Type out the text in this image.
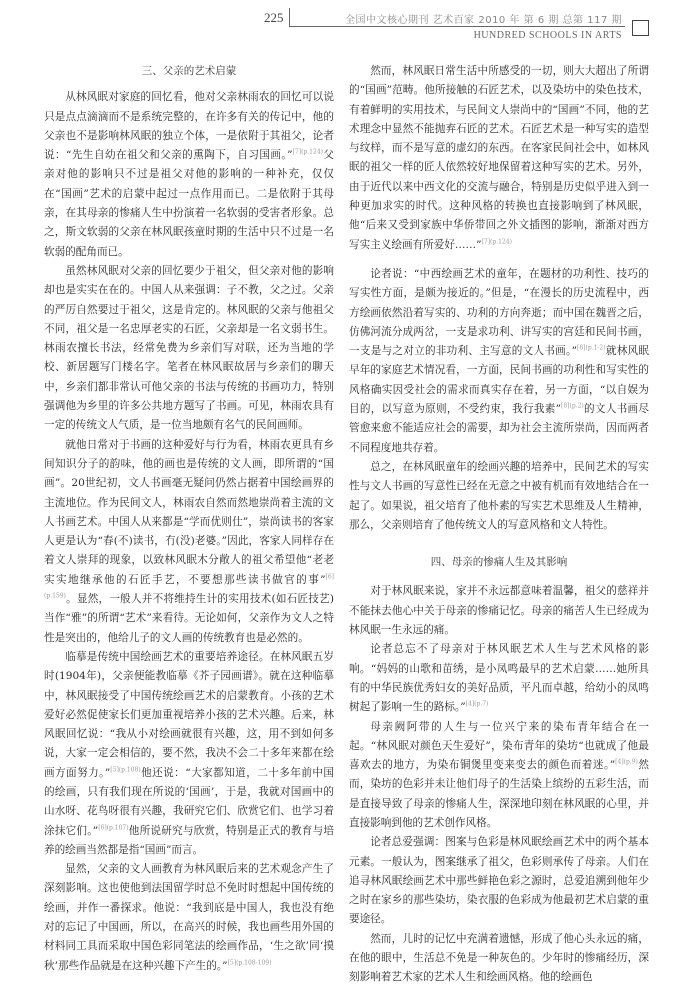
225	全国中文核心期刊 艺术百家 2010 年 第 6 期 总第 117 期
HUNDRED SCHOOLS IN ARTS
三、父亲的艺术启蒙

从林风眠对家庭的回忆看，他对父亲林雨农的回忆可以说只是点点滴滴而不是系统完整的，在许多有关的传记中，他的父亲也不是影响林风眠的独立个体，一是依附于其祖父，论者说：“先生自幼在祖父和父亲的熏陶下，自习国画。”$^{[7](p.124)}$父亲对他的影响只不过是祖父对他的影响的一种补充，仅仅在“国画”艺术的启蒙中起过一点作用而已。二是依附于其母亲，在其母亲的惨痛人生中扮演着一名软弱的受害者形象。总之，斯文软弱的父亲在林风眠孩童时期的生活中只不过是一名软弱的配角而已。

虽然林风眠对父亲的回忆要少于祖父，但父亲对他的影响却也是实实在在的。中国人从来强调：子不教，父之过。父亲的严厉自然要过于祖父，这是肯定的。林风眠的父亲与他祖父不同，祖父是一名忠厚老实的石匠，父亲却是一名文弱书生。林雨农擅长书法，经常免费为乡亲们写对联，还为当地的学校、新居题写门楼名字。笔者在林风眠故居与乡亲们的聊天中，乡亲们都非常认可他父亲的书法与传统的书画功力，特别强调他为乡里的许多公共地方题写了书画。可见，林雨农具有一定的传统文人气质，是一位当地颇有名气的民间画师。

就他日常对于书画的这种爱好与行为看，林雨农更具有乡间知识分子的韵味，他的画也是传统的文人画，即所谓的“国画”。20世纪初，文人书画毫无疑问仍然占据着中国绘画界的主流地位。作为民间文人，林雨农自然而然地崇尚着主流的文人书画艺术。中国人从来都是“学而优则仕”，崇尚读书的客家人更是认为“春(不)读书，冇(没)老婆。”因此，客家人同样存在着文人崇拜的现象，以致林风眠木分敞人的祖父希望他“老老实实地继承他的石匠手艺，不要想那些读书做官的事”$^{[6](p.159)}$。显然，一般人并不将维持生计的实用技术(如石匠技艺)当作“雅”的所谓“艺术”来看待。无论如何，父亲作为文人之特性是突出的，他给儿子的文人画的传统教育也是必然的。

临摹是传统中国绘画艺术的重要培养途径。在林风眠五岁时(1904年)，父亲便能教临摹《芥子园画谱》。就在这种临摹中，林风眠接受了中国传统绘画艺术的启蒙教育。小孩的艺术爱好必然促使家长们更加重视培养小孩的艺术兴趣。后来，林风眠回忆说：“我从小对绘画就很有兴趣，这，用不到如何多说，大家一定会相信的，要不然，我决不会二十多年来都在绘画方面努力。”$^{[5](p.108)}$他还说：“大家都知道，二十多年前中国的绘画，只有我们现在所说的‘国画’，于是，我就对国画中的山水呀、花鸟呀很有兴趣，我研究它们、欣赏它们、也学习着涂抹它们。”$^{[6](p.107)}$他所说研究与欣赏，特别是正式的教育与培养的绘画当然都是指“国画”而言。

显然，父亲的文人画教育为林风眠后来的艺术观念产生了深刻影响。这也使他到法国留学时总不免时时想起中国传统的绘画，并作一番探求。他说：“我到底是中国人，我也没有绝对的忘记了中国画，所以，在高兴的时候，我也画些用外国的材料同工具而采取中国色彩同笔法的绘画作品，‘生之欲’同‘摸秋’那些作品就是在这种兴趣下产生的。”$^{[5](p.108-109)}$

然而，林风眠日常生活中所感受的一切，则大大超出了所谓的“国画”范畴。他所接触的石匠艺术，以及染坊中的染色技术，有着鲜明的实用技术，与民间文人崇尚中的“国画”不同，他的艺术理念中显然不能抛弃石匠的艺术。石匠艺术是一种写实的造型与纹样，而不是写意的虚幻的东西。在客家民间社会中，如林风眠的祖父一样的匠人依然较好地保留着这种写实的艺术。另外，由于近代以来中西文化的交流与融合，特别是历史似乎进入到一种更加求实的时代。这种风格的转换也直接影响到了林风眠，他“后来又受到家族中华侨带回之外文插图的影响，渐渐对西方写实主义绘画有所爱好……”$^{[7](p.124)}$

论者说：“中西绘画艺术的童年，在题材的功利性、技巧的写实性方面，是颇为接近的。”但是，“在漫长的历史流程中，西方绘画依然沿着写实的、功利的方向奔逝；而中国在魏晋之后，仿佛河流分成两岔，一支是求功利、讲写实的宫廷和民间书画，一支是与之对立的非功利、主写意的文人书画。”$^{[8](p.1-2)}$就林风眠早年的家庭艺术情况看，一方面，民间书画的功利性和写实性的风格确实因受社会的需求而真实存在着，另一方面，“以自娱为目的，以写意为原则，不受约束，我行我素”$^{[8](p.2)}$的文人书画尽管愈来愈不能适应社会的需要，却为社会主流所崇尚，因而两者不同程度地共存着。

总之，在林风眠童年的绘画兴趣的培养中，民间艺术的写实性与文人书画的写意性已经在无意之中被有机而有效地结合在一起了。如果说，祖父培育了他朴素的写实艺术思维及人生精神，那么，父亲则培育了他传统文人的写意风格和文人特性。

四、母亲的惨痛人生及其影响

对于林风眠来说，家并不永远都意味着温馨，祖父的慈祥并不能抹去他心中关于母亲的惨痛记忆。母亲的痛苦人生已经成为林风眠一生永远的痛。

论者总忘不了母亲对于林风眠艺术人生与艺术风格的影响。“妈妈的山歌和苗绣，是小凤鸣最早的艺术启蒙……她所具有的中华民族优秀妇女的美好品质，平凡而卓越，给幼小的凤鸣树起了影响一生的路标。”$^{[4](p.7)}$

母亲阙阿带的人生与一位兴宁来的染布青年结合在一起。“林风眠对颜色天生爱好”，染布青年的染坊“也就成了他最喜欢去的地方，为染布铜煲里变来变去的颜色而着迷。”$^{[4](p.9)}$然而，染坊的色彩并未让他们母子的生活染上缤纷的五彩生活，而是直接导致了母亲的惨痛人生，深深地印刻在林风眠的心里，并直接影响到他的艺术创作风格。

论者总爱强调：图案与色彩是林风眠绘画艺术中的两个基本元素。一般认为，图案继承了祖父，色彩则承传了母亲。人们在追寻林风眠绘画艺术中那些鲜艳色彩之源时，总爱追溯到他年少之时在家乡的那些染坊，染衣服的色彩成为他最初艺术启蒙的重要途径。

然而，儿时的记忆中充满着遗憾，形成了他心头永远的痛，在他的眼中，生活总不免是一种灰色的。少年时的惨痛经历，深刻影响着艺术家的艺术人生和绘画风格。他的绘画色
